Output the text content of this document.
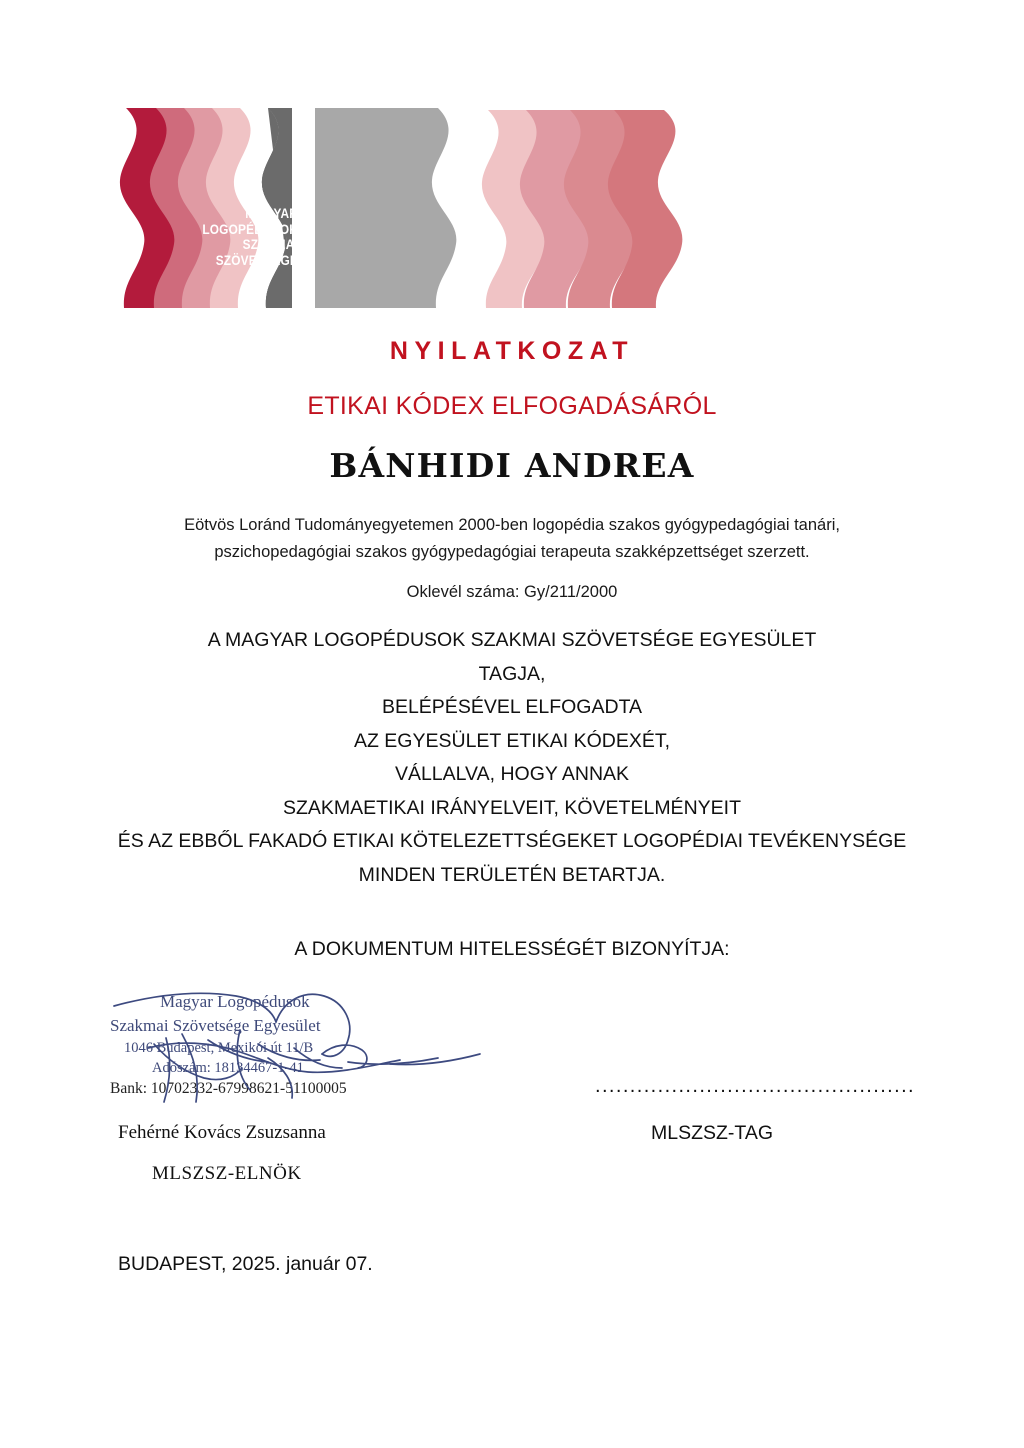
MAGYAR
LOGOPÉDUSOK
SZAKMAI
SZÖVETSÉGE
NYILATKOZAT
ETIKAI KÓDEX ELFOGADÁSÁRÓL
BÁNHIDI ANDREA
Eötvös Loránd Tudományegyetemen 2000-ben logopédia szakos gyógypedagógiai tanári,
pszichopedagógiai szakos gyógypedagógiai terapeuta szakképzettséget szerzett.
Oklevél száma: Gy/211/2000
A MAGYAR LOGOPÉDUSOK SZAKMAI SZÖVETSÉGE EGYESÜLET
TAGJA,
BELÉPÉSÉVEL ELFOGADTA
AZ EGYESÜLET ETIKAI KÓDEXÉT,
VÁLLALVA, HOGY ANNAK
SZAKMAETIKAI IRÁNYELVEIT, KÖVETELMÉNYEIT
ÉS AZ EBBŐL FAKADÓ ETIKAI KÖTELEZETTSÉGEKET LOGOPÉDIAI TEVÉKENYSÉGE
MINDEN TERÜLETÉN BETARTJA.
A DOKUMENTUM HITELESSÉGÉT BIZONYÍTJA:
Magyar Logopédusok
Szakmai Szövetsége Egyesület
1046 Budapest, Mexikói út 11/B
Adószám: 18134467-1-41
Bank: 10702332-67998621-51100005
Fehérné Kovács Zsuzsanna
MLSZSZ-ELNÖK
..............................................
MLSZSZ-TAG
BUDAPEST, 2025. január 07.
